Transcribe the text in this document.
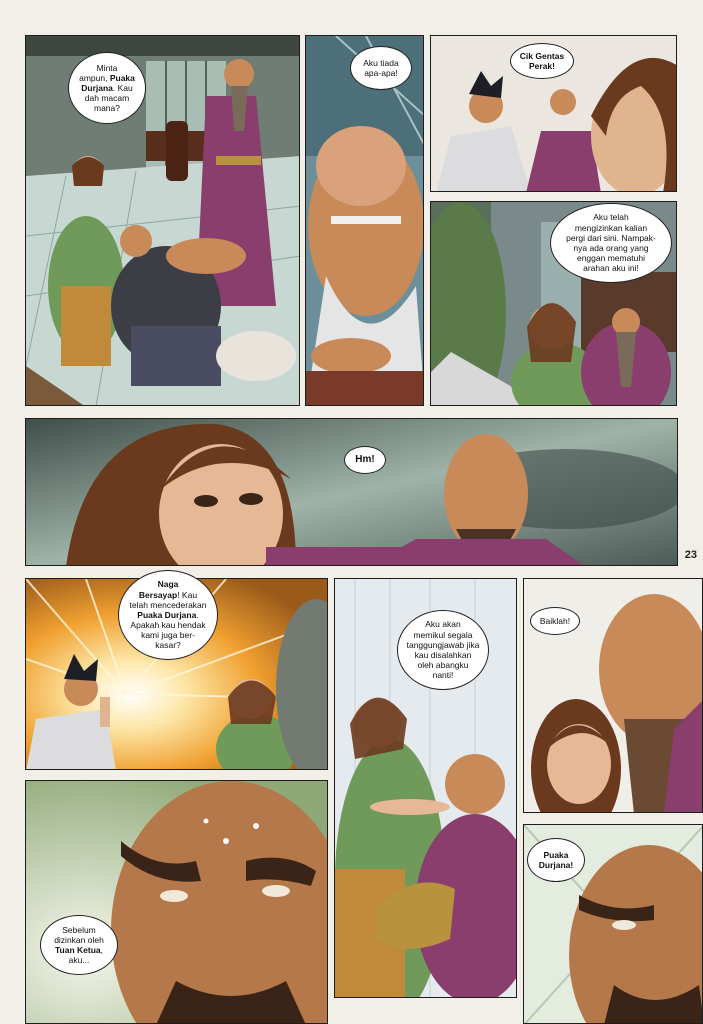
Minta
ampun, Puaka
Durjana. Kau
dah macam
mana?
Aku tiada
apa-apa!
Cik Gentas
Perak!
Aku telah
mengizinkan kalian
pergi dari sini. Nampak-
nya ada orang yang
enggan mematuhi
arahan aku ini!
Hm!
23
Naga
Bersayap! Kau
telah mencederakan
Puaka Durjana.
Apakah kau hendak
kami juga ber-
kasar?
Aku akan
memikul segala
tanggungjawab jika
kau disalahkan
oleh abangku
nanti!
Baiklah!
Sebelum
dizinkan oleh
Tuan Ketua,
aku...
Puaka
Durjana!
